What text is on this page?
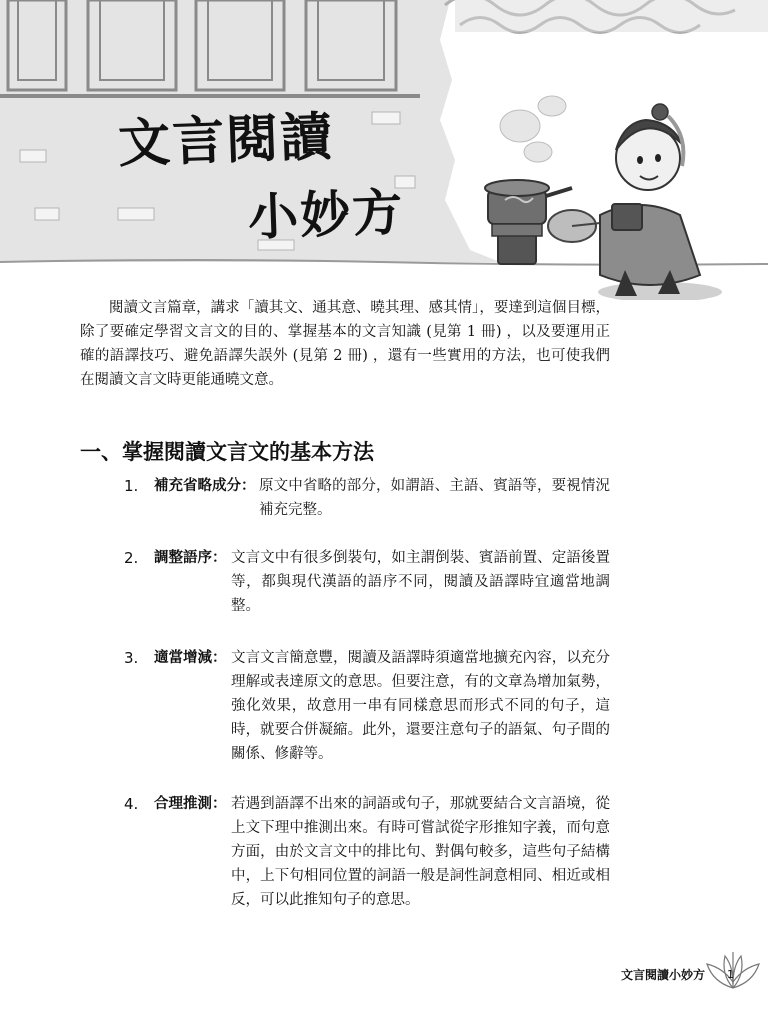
文言閱讀
小妙方

閱讀文言篇章，講求「讀其文、通其意、曉其理、感其情」，要達到這個目標，除了要確定學習文言文的目的、掌握基本的文言知識 (見第 1 冊) ，以及要運用正確的語譯技巧、避免語譯失誤外 (見第 2 冊) ，還有一些實用的方法，也可使我們在閱讀文言文時更能通曉文意。

一、掌握閱讀文言文的基本方法
1. 補充省略成分： 原文中省略的部分，如謂語、主語、賓語等，要視情況補充完整。

2. 調整語序： 文言文中有很多倒裝句，如主謂倒裝、賓語前置、定語後置等，都與現代漢語的語序不同，閱讀及語譯時宜適當地調整。

3. 適當增減： 文言文言簡意豐，閱讀及語譯時須適當地擴充內容，以充分理解或表達原文的意思。但要注意，有的文章為增加氣勢，強化效果，故意用一串有同樣意思而形式不同的句子，這時，就要合併凝縮。此外，還要注意句子的語氣、句子間的關係、修辭等。

4. 合理推測： 若遇到語譯不出來的詞語或句子，那就要結合文言語境，從上文下理中推測出來。有時可嘗試從字形推知字義，而句意方面，由於文言文中的排比句、對偶句較多，這些句子結構中，上下句相同位置的詞語一般是詞性詞意相同、相近或相反，可以此推知句子的意思。

文言閱讀小妙方 1
